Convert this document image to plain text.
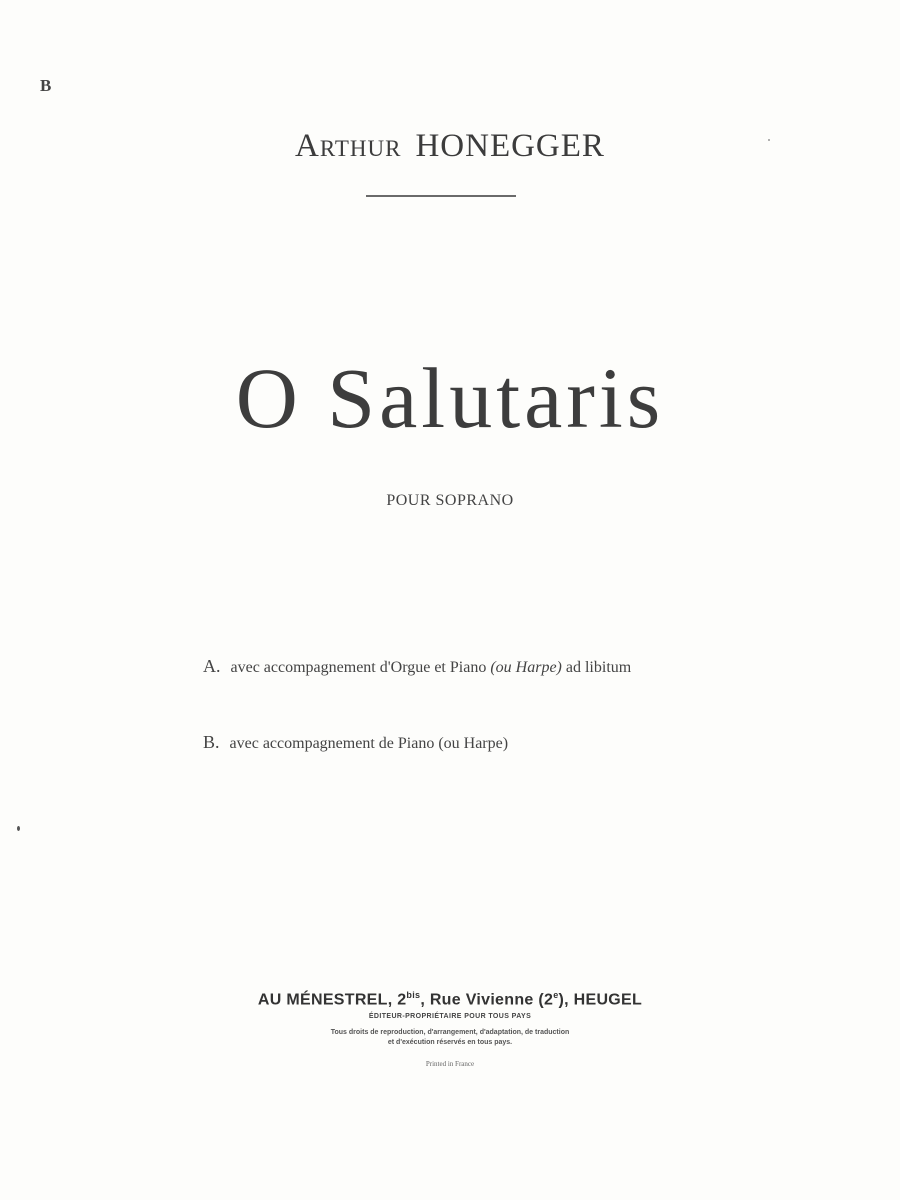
B
Arthur HONEGGER
O Salutaris
POUR SOPRANO
A. avec accompagnement d'Orgue et Piano (ou Harpe) ad libitum
B. avec accompagnement de Piano (ou Harpe)
AU MÉNESTREL, $2^{bis}$, Rue Vivienne (2e), HEUGEL
ÉDITEUR-PROPRIÉTAIRE POUR TOUS PAYS
Tous droits de reproduction, d'arrangement, d'adaptation, de traduction
et d'exécution réservés en tous pays.
Printed in France
